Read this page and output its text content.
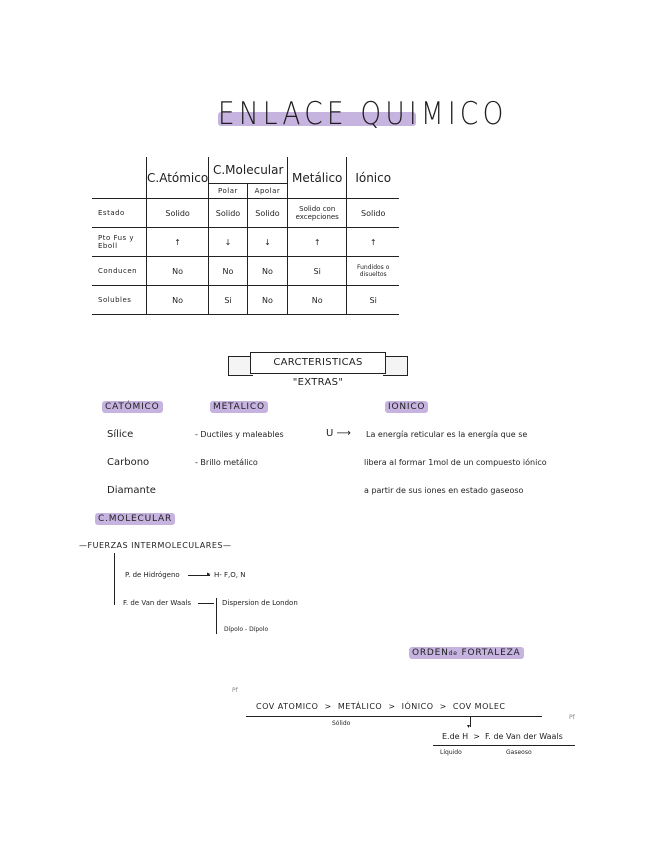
ENLACE QUIMICO
	C.Atómico	C.Molecular		Metálico	Iónico
		Polar	Apolar		
Estado	Solido	Solido	Solido	Solido con excepciones	Solido
Pto Fus y Eboll	↑	↓	↓	↑	↑
Conducen	No	No	No	Si	Fundidos o disueltos
Solubles	No	Si	No	No	Si
CARCTERISTICAS "EXTRAS"
CATÓMICO
Sílice
Carbono
Diamante
METALICO
- Ductiles y maleables
- Brillo metálico
IONICO
U ⟶ La energía reticular es la energía que se
libera al formar 1mol de un compuesto iónico
a partir de sus iones en estado gaseoso
C.MOLECULAR
—FUERZAS INTERMOLECULARES—
P. de Hidrógeno	▸ H- F,O, N
F. de Van der Waals	Dispersion de London
Dípolo - Dípolo
ORDENde FORTALEZA
Pf
Pf
COV ATOMICO > METÁLICO > IÓNICO > COV MOLEC
Sólido	▾
E.de H > F. de Van der Waals
Líquido	Gaseoso
